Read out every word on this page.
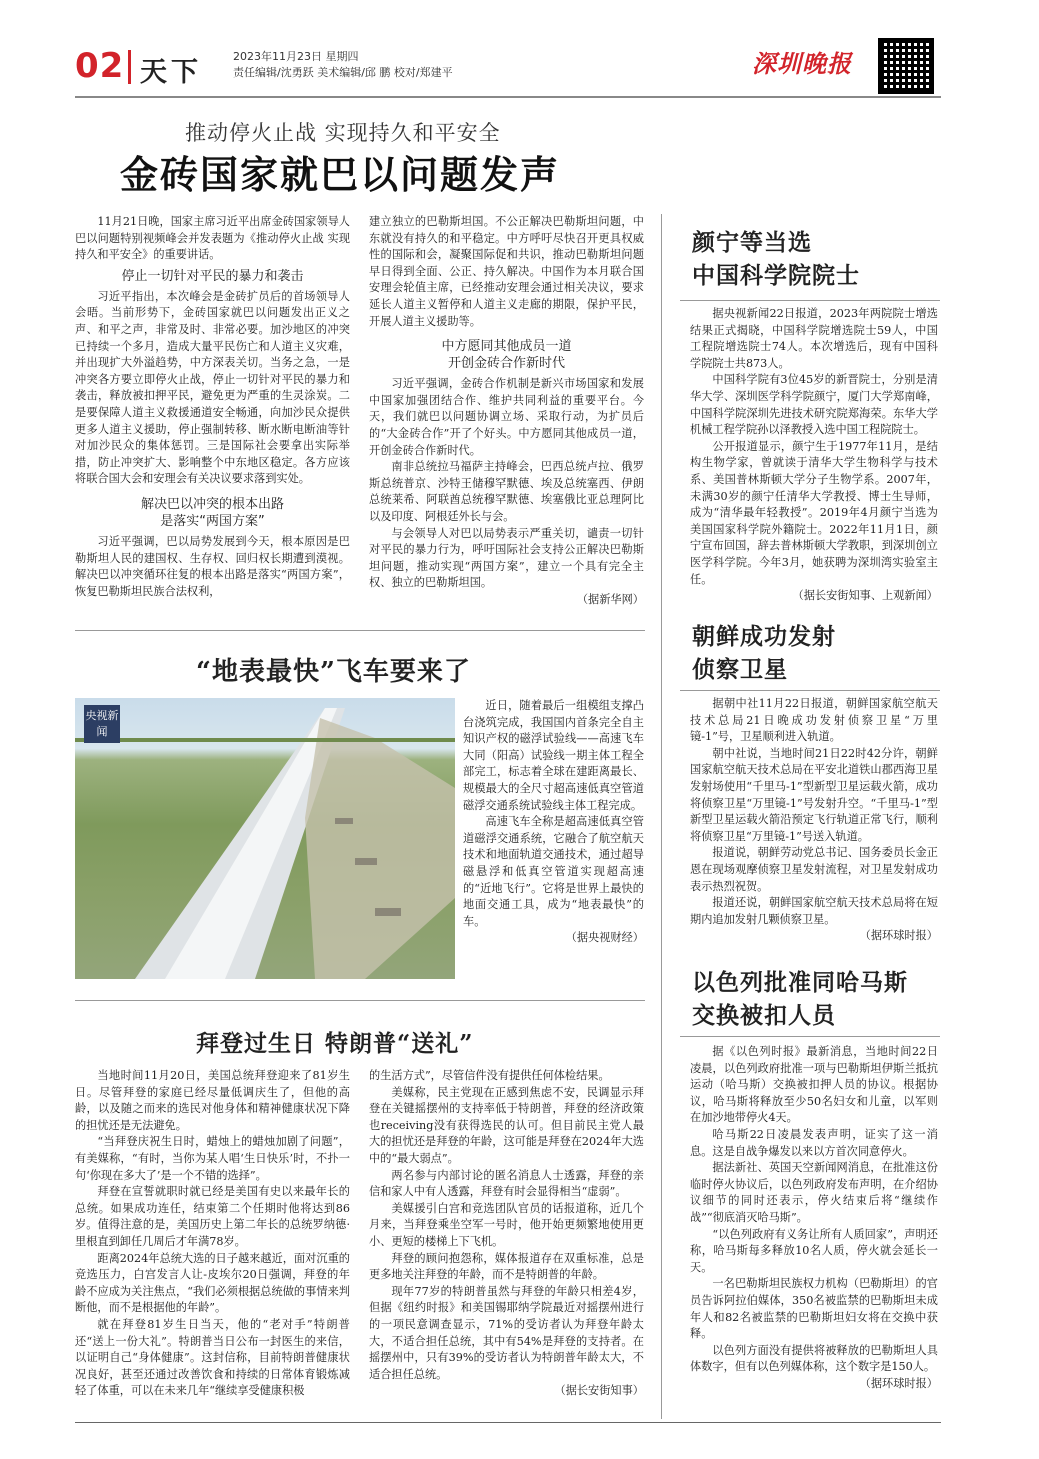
02 天下
2023年11月23日 星期四
责任编辑/沈勇跃 美术编辑/邱 鹏 校对/郑建平	深圳晚报
推动停火止战 实现持久和平安全
金砖国家就巴以问题发声

11月21日晚，国家主席习近平出席金砖国家领导人巴以问题特别视频峰会并发表题为《推动停火止战 实现持久和平安全》的重要讲话。

停止一切针对平民的暴力和袭击

习近平指出，本次峰会是金砖扩员后的首场领导人会晤。当前形势下，金砖国家就巴以问题发出正义之声、和平之声，非常及时、非常必要。加沙地区的冲突已持续一个多月，造成大量平民伤亡和人道主义灾难，并出现扩大外溢趋势，中方深表关切。当务之急，一是冲突各方要立即停火止战，停止一切针对平民的暴力和袭击，释放被扣押平民，避免更为严重的生灵涂炭。二是要保障人道主义救援通道安全畅通，向加沙民众提供更多人道主义援助，停止强制转移、断水断电断油等针对加沙民众的集体惩罚。三是国际社会要拿出实际举措，防止冲突扩大、影响整个中东地区稳定。各方应该将联合国大会和安理会有关决议要求落到实处。

解决巴以冲突的根本出路
是落实“两国方案”

习近平强调，巴以局势发展到今天，根本原因是巴勒斯坦人民的建国权、生存权、回归权长期遭到漠视。解决巴以冲突循环往复的根本出路是落实“两国方案”，恢复巴勒斯坦民族合法权利，

建立独立的巴勒斯坦国。不公正解决巴勒斯坦问题，中东就没有持久的和平稳定。中方呼吁尽快召开更具权威性的国际和会，凝聚国际促和共识，推动巴勒斯坦问题早日得到全面、公正、持久解决。中国作为本月联合国安理会轮值主席，已经推动安理会通过相关决议，要求延长人道主义暂停和人道主义走廊的期限，保护平民，开展人道主义援助等。

中方愿同其他成员一道
开创金砖合作新时代

习近平强调，金砖合作机制是新兴市场国家和发展中国家加强团结合作、维护共同利益的重要平台。今天，我们就巴以问题协调立场、采取行动，为扩员后的“大金砖合作”开了个好头。中方愿同其他成员一道，开创金砖合作新时代。

南非总统拉马福萨主持峰会，巴西总统卢拉、俄罗斯总统普京、沙特王储穆罕默德、埃及总统塞西、伊朗总统莱希、阿联酋总统穆罕默德、埃塞俄比亚总理阿比以及印度、阿根廷外长与会。

与会领导人对巴以局势表示严重关切，谴责一切针对平民的暴力行为，呼吁国际社会支持公正解决巴勒斯坦问题，推动实现“两国方案”，建立一个具有完全主权、独立的巴勒斯坦国。

（据新华网）
“地表最快”飞车要来了
央视新闻

近日，随着最后一组模组支撑凸台浇筑完成，我国国内首条完全自主知识产权的磁浮试验线——高速飞车大同（阳高）试验线一期主体工程全部完工，标志着全球在建距离最长、规模最大的全尺寸超高速低真空管道磁浮交通系统试验线主体工程完成。

高速飞车全称是超高速低真空管道磁浮交通系统，它融合了航空航天技术和地面轨道交通技术，通过超导磁悬浮和低真空管道实现超高速的“近地飞行”。它将是世界上最快的地面交通工具，成为“地表最快”的车。

（据央视财经）
拜登过生日 特朗普“送礼”

当地时间11月20日，美国总统拜登迎来了81岁生日。尽管拜登的家庭已经尽量低调庆生了，但他的高龄，以及随之而来的选民对他身体和精神健康状况下降的担忧还是无法避免。

“当拜登庆祝生日时，蜡烛上的蜡烛加剧了问题”，有美媒称，“有时，当你为某人唱‘生日快乐’时，不扑一句‘你现在多大了’是一个不错的选择”。

拜登在宣誓就职时就已经是美国有史以来最年长的总统。如果成功连任，结束第二个任期时他将达到86岁。值得注意的是，美国历史上第二年长的总统罗纳德·里根直到卸任几周后才年满78岁。

距离2024年总统大选的日子越来越近，面对沉重的竞选压力，白宫发言人让-皮埃尔20日强调，拜登的年龄不应成为关注焦点，“我们必须根据总统做的事情来判断他，而不是根据他的年龄”。

就在拜登81岁生日当天，他的“老对手”特朗普还“送上一份大礼”。特朗普当日公布一封医生的来信，以证明自己“身体健康”。这封信称，目前特朗普健康状况良好，甚至还通过改善饮食和持续的日常体育锻炼减轻了体重，可以在未来几年“继续享受健康积极

的生活方式”，尽管信件没有提供任何体检结果。

美媒称，民主党现在正感到焦虑不安，民调显示拜登在关键摇摆州的支持率低于特朗普，拜登的经济政策也receiving没有获得选民的认可。但目前民主党人最大的担忧还是拜登的年龄，这可能是拜登在2024年大选中的“最大弱点”。

两名参与内部讨论的匿名消息人士透露，拜登的亲信和家人中有人透露，拜登有时会显得相当“虚弱”。

美媒援引白宫和竞选团队官员的话报道称，近几个月来，当拜登乘坐空军一号时，他开始更频繁地使用更小、更短的楼梯上下飞机。

拜登的顾问抱怨称，媒体报道存在双重标准，总是更多地关注拜登的年龄，而不是特朗普的年龄。

现年77岁的特朗普虽然与拜登的年龄只相差4岁，但据《纽约时报》和美国锡耶纳学院最近对摇摆州进行的一项民意调查显示，71%的受访者认为拜登年龄太大，不适合担任总统，其中有54%是拜登的支持者。在摇摆州中，只有39%的受访者认为特朗普年龄太大，不适合担任总统。

（据长安街知事）
颜宁等当选
中国科学院院士

据央视新闻22日报道，2023年两院院士增选结果正式揭晓，中国科学院增选院士59人，中国工程院增选院士74人。本次增选后，现有中国科学院院士共873人。

中国科学院有3位45岁的新晋院士，分别是清华大学、深圳医学科学院颜宁，厦门大学郑南峰，中国科学院深圳先进技术研究院郑海荣。东华大学机械工程学院孙以泽教授入选中国工程院院士。

公开报道显示，颜宁生于1977年11月，是结构生物学家，曾就读于清华大学生物科学与技术系、美国普林斯顿大学分子生物学系。2007年，未满30岁的颜宁任清华大学教授、博士生导师，成为“清华最年轻教授”。2019年4月颜宁当选为美国国家科学院外籍院士。2022年11月1日，颜宁宣布回国，辞去普林斯顿大学教职，到深圳创立医学科学院。今年3月，她获聘为深圳湾实验室主任。

（据长安街知事、上观新闻）
朝鲜成功发射
侦察卫星

据朝中社11月22日报道，朝鲜国家航空航天技术总局21日晚成功发射侦察卫星“万里镜-1”号，卫星顺利进入轨道。

朝中社说，当地时间21日22时42分许，朝鲜国家航空航天技术总局在平安北道铁山郡西海卫星发射场使用“千里马-1”型新型卫星运载火箭，成功将侦察卫星“万里镜-1”号发射升空。“千里马-1”型新型卫星运载火箭沿预定飞行轨道正常飞行，顺利将侦察卫星“万里镜-1”号送入轨道。

报道说，朝鲜劳动党总书记、国务委员长金正恩在现场观摩侦察卫星发射流程，对卫星发射成功表示热烈祝贺。

报道还说，朝鲜国家航空航天技术总局将在短期内追加发射几颗侦察卫星。

（据环球时报）
以色列批准同哈马斯
交换被扣人员

据《以色列时报》最新消息，当地时间22日凌晨，以色列政府批准一项与巴勒斯坦伊斯兰抵抗运动（哈马斯）交换被扣押人员的协议。根据协议，哈马斯将释放至少50名妇女和儿童，以军则在加沙地带停火4天。

哈马斯22日凌晨发表声明，证实了这一消息。这是自战争爆发以来以方首次同意停火。

据法新社、英国天空新闻网消息，在批准这份临时停火协议后，以色列政府发布声明，在介绍协议细节的同时还表示，停火结束后将“继续作战”“彻底消灭哈马斯”。

“以色列政府有义务让所有人质回家”，声明还称，哈马斯每多释放10名人质，停火就会延长一天。

一名巴勒斯坦民族权力机构（巴勒斯坦）的官员告诉阿拉伯媒体，350名被监禁的巴勒斯坦未成年人和82名被监禁的巴勒斯坦妇女将在交换中获释。

以色列方面没有提供将被释放的巴勒斯坦人具体数字，但有以色列媒体称，这个数字是150人。

（据环球时报）
